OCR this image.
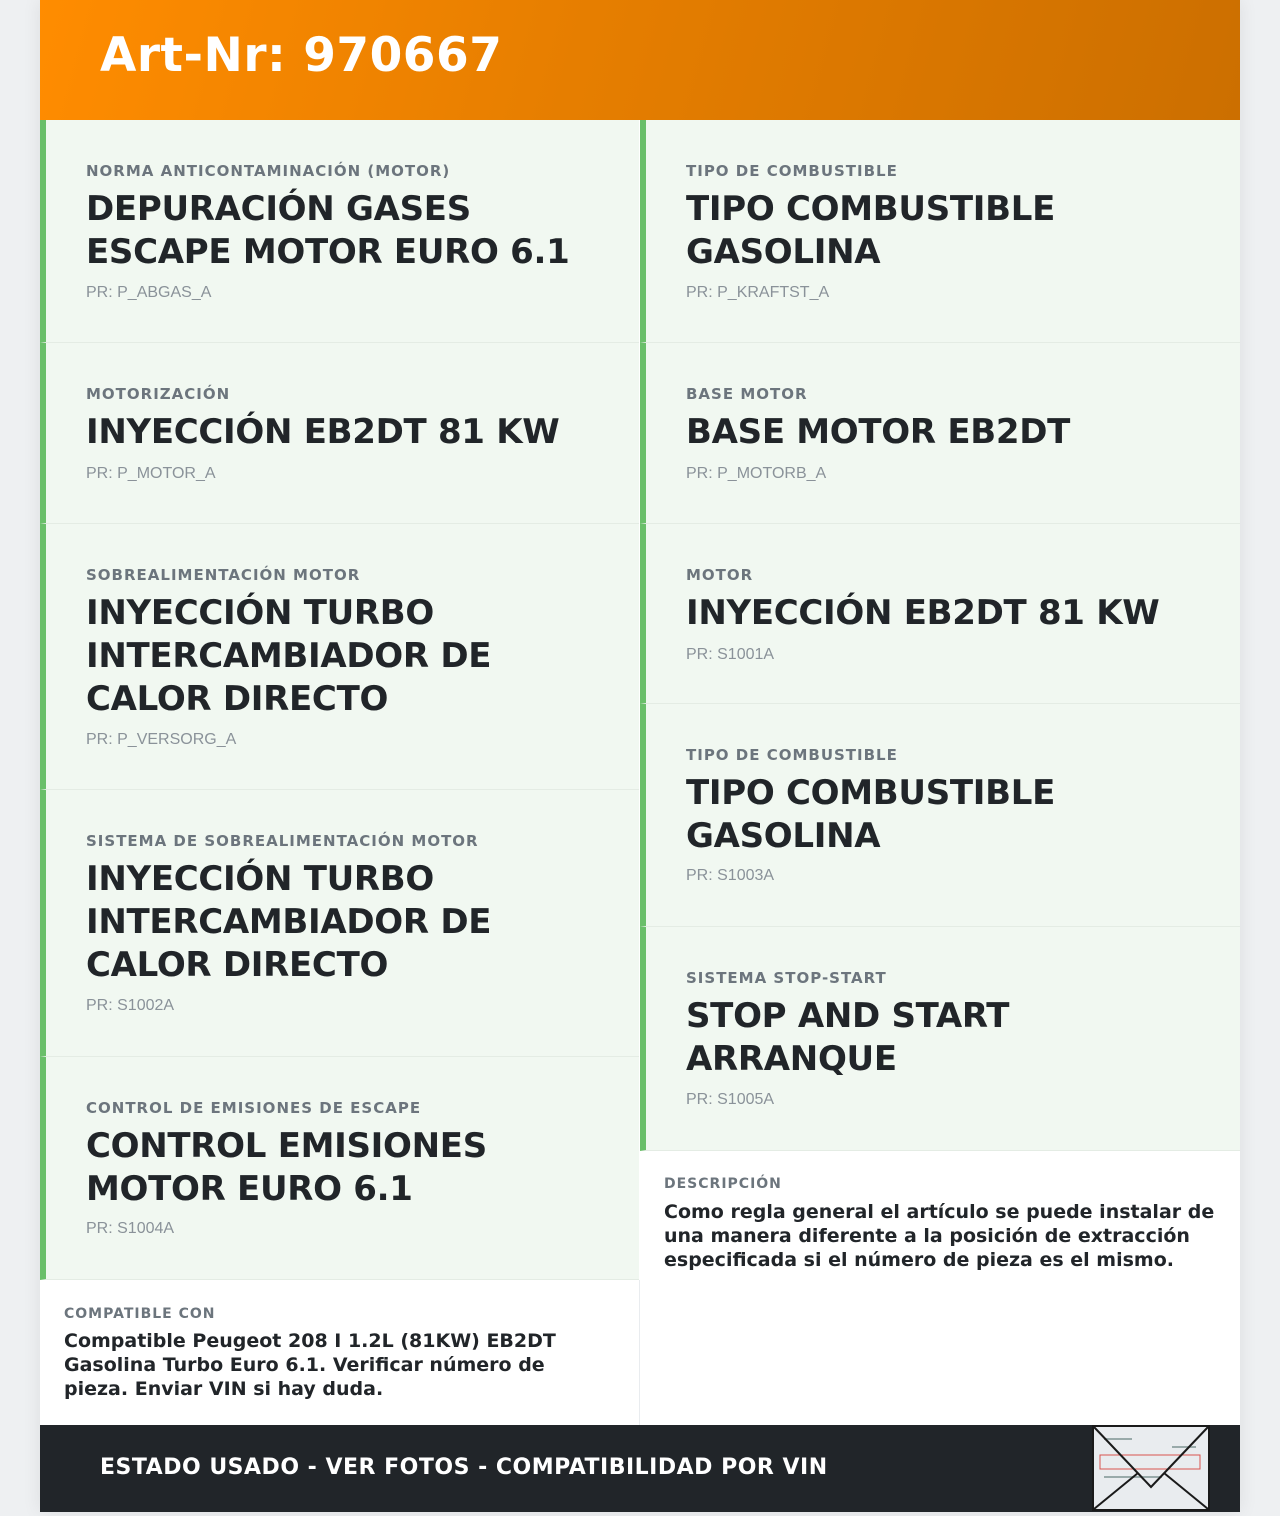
Art-Nr: 970667
NORMA ANTICONTAMINACIÓN (MOTOR)
DEPURACIÓN GASES ESCAPE MOTOR EURO 6.1
PR: P_ABGAS_A
MOTORIZACIÓN
INYECCIÓN EB2DT 81 KW
PR: P_MOTOR_A
SOBREALIMENTACIÓN MOTOR
INYECCIÓN TURBO INTERCAMBIADOR DE CALOR DIRECTO
PR: P_VERSORG_A
SISTEMA DE SOBREALIMENTACIÓN MOTOR
INYECCIÓN TURBO INTERCAMBIADOR DE CALOR DIRECTO
PR: S1002A
CONTROL DE EMISIONES DE ESCAPE
CONTROL EMISIONES MOTOR EURO 6.1
PR: S1004A
COMPATIBLE CON
Compatible Peugeot 208 I 1.2L (81KW) EB2DT Gasolina Turbo Euro 6.1. Verificar número de pieza. Enviar VIN si hay duda.
TIPO DE COMBUSTIBLE
TIPO COMBUSTIBLE GASOLINA
PR: P_KRAFTST_A
BASE MOTOR
BASE MOTOR EB2DT
PR: P_MOTORB_A
MOTOR
INYECCIÓN EB2DT 81 KW
PR: S1001A
TIPO DE COMBUSTIBLE
TIPO COMBUSTIBLE GASOLINA
PR: S1003A
SISTEMA STOP-START
STOP AND START ARRANQUE
PR: S1005A
DESCRIPCIÓN
Como regla general el artículo se puede instalar de una manera diferente a la posición de extracción especificada si el número de pieza es el mismo.
ESTADO USADO - VER FOTOS - COMPATIBILIDAD POR VIN
